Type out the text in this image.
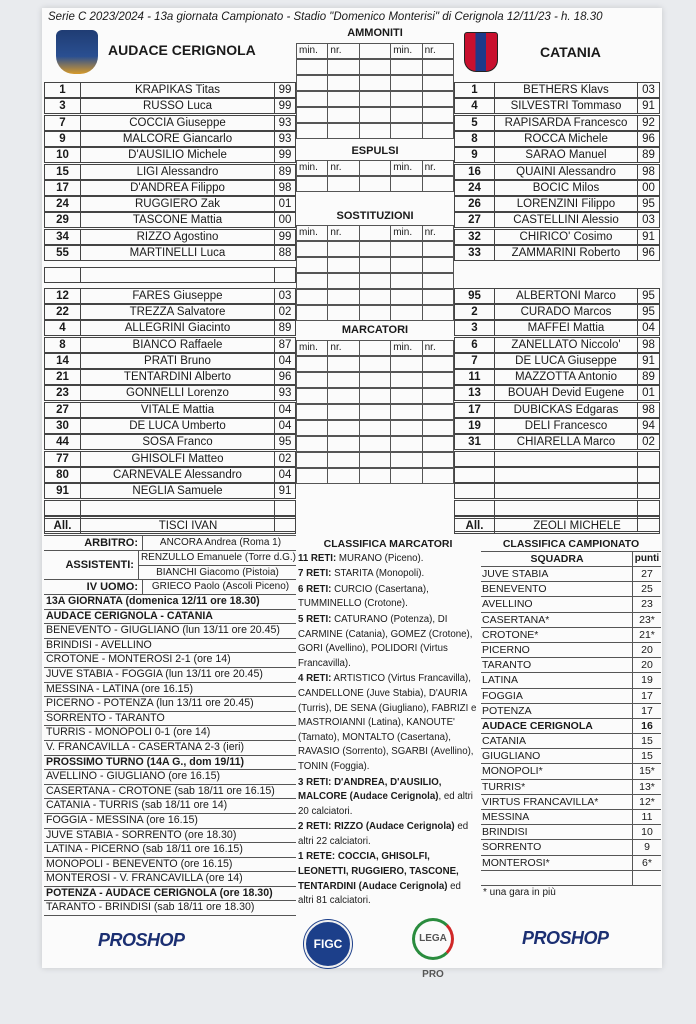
Serie C 2023/2024 - 13a giornata Campionato - Stadio "Domenico Monterisi" di Cerignola 12/11/23 - h. 18.30
AUDACE CERIGNOLA	CATANIA
1	KRAPIKAS Titas	99
3	RUSSO Luca	99
7	COCCIA Giuseppe	93
9	MALCORE Giancarlo	93
10	D'AUSILIO Michele	99
15	LIGI Alessandro	89
17	D'ANDREA Filippo	98
24	RUGGIERO Zak	01
29	TASCONE Mattia	00
34	RIZZO Agostino	99
55	MARTINELLI Luca	88
12	FARES Giuseppe	03
22	TREZZA Salvatore	02
4	ALLEGRINI Giacinto	89
8	BIANCO Raffaele	87
14	PRATI Bruno	04
21	TENTARDINI Alberto	96
23	GONNELLI Lorenzo	93
27	VITALE Mattia	04
30	DE LUCA Umberto	04
44	SOSA Franco	95
77	GHISOLFI Matteo	02
80	CARNEVALE Alessandro	04
91	NEGLIA Samuele	91
1	BETHERS Klavs	03
4	SILVESTRI Tommaso	91
5	RAPISARDA Francesco	92
8	ROCCA Michele	96
9	SARAO Manuel	89
16	QUAINI Alessandro	98
24	BOCIC Milos	00
26	LORENZINI Filippo	95
27	CASTELLINI Alessio	03
32	CHIRICO' Cosimo	91
33	ZAMMARINI Roberto	96
95	ALBERTONI Marco	95
2	CURADO Marcos	95
3	MAFFEI Mattia	04
6	ZANELLATO Niccolo'	98
7	DE LUCA Giuseppe	91
11	MAZZOTTA Antonio	89
13	BOUAH Devid Eugene	01
17	DUBICKAS Edgaras	98
19	DELI Francesco	94
31	CHIARELLA Marco	02
AMMONITI
min.	nr.	min.	nr.
ESPULSI
min.	nr.	min.	nr.
SOSTITUZIONI
min.	nr.	min.	nr.
MARCATORI
min.	nr.	min.	nr.
All.	TISCI IVAN	All.	ZEOLI MICHELE
ARBITRO:	ANCORA Andrea (Roma 1)
ASSISTENTI:
RENZULLO Emanuele (Torre d.G.)
BIANCHI Giacomo (Pistoia)
IV UOMO:	GRIECO Paolo (Ascoli Piceno)
13A GIORNATA (domenica 12/11 ore 18.30)
AUDACE CERIGNOLA - CATANIA
BENEVENTO - GIUGLIANO (lun 13/11 ore 20.45)
BRINDISI - AVELLINO
CROTONE - MONTEROSI 2-1 (ore 14)
JUVE STABIA - FOGGIA (lun 13/11 ore 20.45)
MESSINA - LATINA (ore 16.15)
PICERNO - POTENZA (lun 13/11 ore 20.45)
SORRENTO - TARANTO
TURRIS - MONOPOLI 0-1 (ore 14)
V. FRANCAVILLA - CASERTANA 2-3 (ieri)
PROSSIMO TURNO (14A G., dom 19/11)
AVELLINO - GIUGLIANO (ore 16.15)
CASERTANA - CROTONE (sab 18/11 ore 16.15)
CATANIA - TURRIS (sab 18/11 ore 14)
FOGGIA - MESSINA (ore 16.15)
JUVE STABIA - SORRENTO (ore 18.30)
LATINA - PICERNO (sab 18/11 ore 16.15)
MONOPOLI - BENEVENTO (ore 16.15)
MONTEROSI - V. FRANCAVILLA (ore 14)
POTENZA - AUDACE CERIGNOLA (ore 18.30)
TARANTO - BRINDISI (sab 18/11 ore 18.30)
CLASSIFICA MARCATORI

11 RETI: MURANO (Piceno).

7 RETI: STARITA (Monopoli).

6 RETI: CURCIO (Casertana), TUMMINELLO (Crotone).

5 RETI: CATURANO (Potenza), DI CARMINE (Catania), GOMEZ (Crotone), GORI (Avellino), POLIDORI (Virtus Francavilla).

4 RETI: ARTISTICO (Virtus Francavilla), CANDELLONE (Juve Stabia), D'AURIA (Turris), DE SENA (Giugliano), FABRIZI e MASTROIANNI (Latina), KANOUTE' (Tarnato), MONTALTO (Casertana), RAVASIO (Sorrento), SGARBI (Avellino), TONIN (Foggia).

3 RETI: D'ANDREA, D'AUSILIO, MALCORE (Audace Cerignola), ed altri 20 calciatori.

2 RETI: RIZZO (Audace Cerignola) ed altri 22 calciatori.

1 RETE: COCCIA, GHISOLFI, LEONETTI, RUGGIERO, TASCONE, TENTARDINI (Audace Cerignola) ed altri 81 calciatori.

CLASSIFICA CAMPIONATO
SQUADRA	punti
JUVE STABIA	27
BENEVENTO	25
AVELLINO	23
CASERTANA*	23*
CROTONE*	21*
PICERNO	20
TARANTO	20
LATINA	19
FOGGIA	17
POTENZA	17
AUDACE CERIGNOLA	16
CATANIA	15
GIUGLIANO	15
MONOPOLI*	15*
TURRIS*	13*
VIRTUS FRANCAVILLA*	12*
MESSINA	11
BRINDISI	10
SORRENTO	9
MONTEROSI*	6*
* una gara in più
PROSHOP	FIGC	LEGA PRO
PROSHOP
